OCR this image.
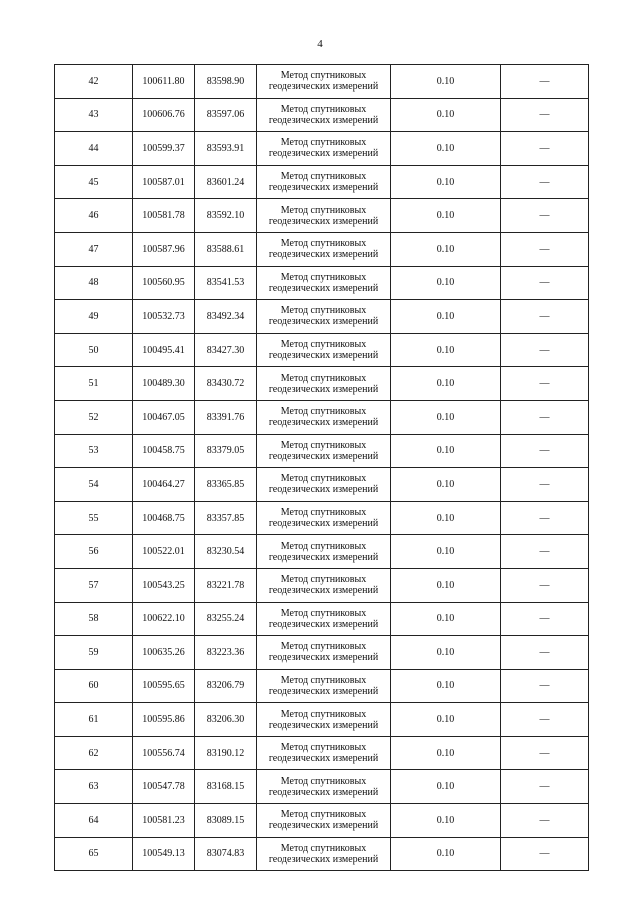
4
42	100611.80	83598.90	Метод спутниковых
геодезических измерений	0.10	—
43	100606.76	83597.06	Метод спутниковых
геодезических измерений	0.10	—
44	100599.37	83593.91	Метод спутниковых
геодезических измерений	0.10	—
45	100587.01	83601.24	Метод спутниковых
геодезических измерений	0.10	—
46	100581.78	83592.10	Метод спутниковых
геодезических измерений	0.10	—
47	100587.96	83588.61	Метод спутниковых
геодезических измерений	0.10	—
48	100560.95	83541.53	Метод спутниковых
геодезических измерений	0.10	—
49	100532.73	83492.34	Метод спутниковых
геодезических измерений	0.10	—
50	100495.41	83427.30	Метод спутниковых
геодезических измерений	0.10	—
51	100489.30	83430.72	Метод спутниковых
геодезических измерений	0.10	—
52	100467.05	83391.76	Метод спутниковых
геодезических измерений	0.10	—
53	100458.75	83379.05	Метод спутниковых
геодезических измерений	0.10	—
54	100464.27	83365.85	Метод спутниковых
геодезических измерений	0.10	—
55	100468.75	83357.85	Метод спутниковых
геодезических измерений	0.10	—
56	100522.01	83230.54	Метод спутниковых
геодезических измерений	0.10	—
57	100543.25	83221.78	Метод спутниковых
геодезических измерений	0.10	—
58	100622.10	83255.24	Метод спутниковых
геодезических измерений	0.10	—
59	100635.26	83223.36	Метод спутниковых
геодезических измерений	0.10	—
60	100595.65	83206.79	Метод спутниковых
геодезических измерений	0.10	—
61	100595.86	83206.30	Метод спутниковых
геодезических измерений	0.10	—
62	100556.74	83190.12	Метод спутниковых
геодезических измерений	0.10	—
63	100547.78	83168.15	Метод спутниковых
геодезических измерений	0.10	—
64	100581.23	83089.15	Метод спутниковых
геодезических измерений	0.10	—
65	100549.13	83074.83	Метод спутниковых
геодезических измерений	0.10	—
